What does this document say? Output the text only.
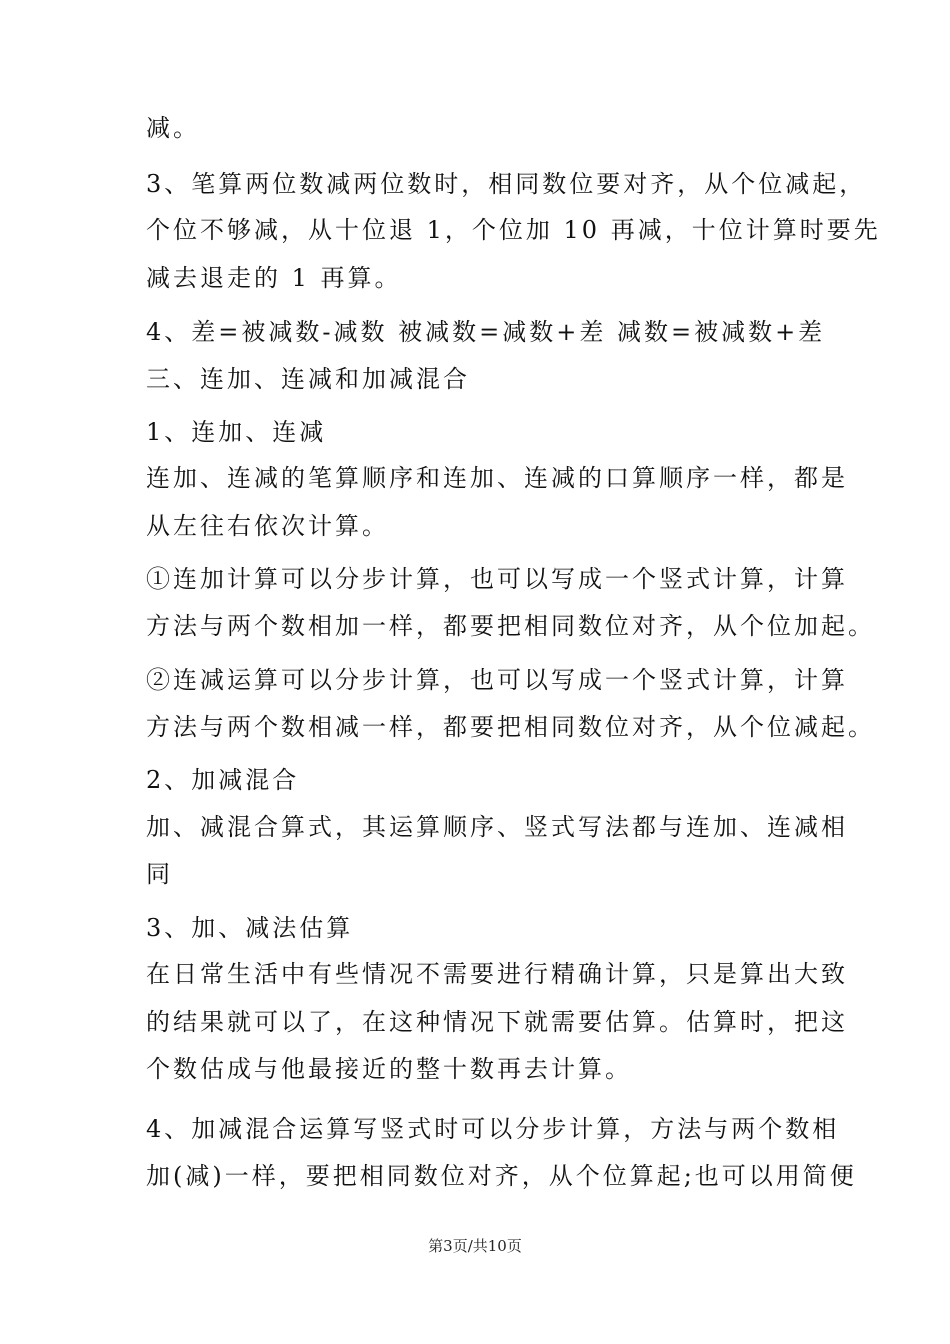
减。
3、笔算两位数减两位数时，相同数位要对齐，从个位减起，
个位不够减，从十位退 1，个位加 10 再减，十位计算时要先
减去退走的 1 再算。
4、差=被减数-减数 被减数=减数+差 减数=被减数+差
三、连加、连减和加减混合
1、连加、连减
连加、连减的笔算顺序和连加、连减的口算顺序一样，都是
从左往右依次计算。
①连加计算可以分步计算，也可以写成一个竖式计算，计算
方法与两个数相加一样，都要把相同数位对齐，从个位加起。
②连减运算可以分步计算，也可以写成一个竖式计算，计算
方法与两个数相减一样，都要把相同数位对齐，从个位减起。
2、加减混合
加、减混合算式，其运算顺序、竖式写法都与连加、连减相
同
3、加、减法估算
在日常生活中有些情况不需要进行精确计算，只是算出大致
的结果就可以了，在这种情况下就需要估算。估算时，把这
个数估成与他最接近的整十数再去计算。
4、加减混合运算写竖式时可以分步计算，方法与两个数相
加(减)一样，要把相同数位对齐，从个位算起;也可以用简便
第3页/共10页
